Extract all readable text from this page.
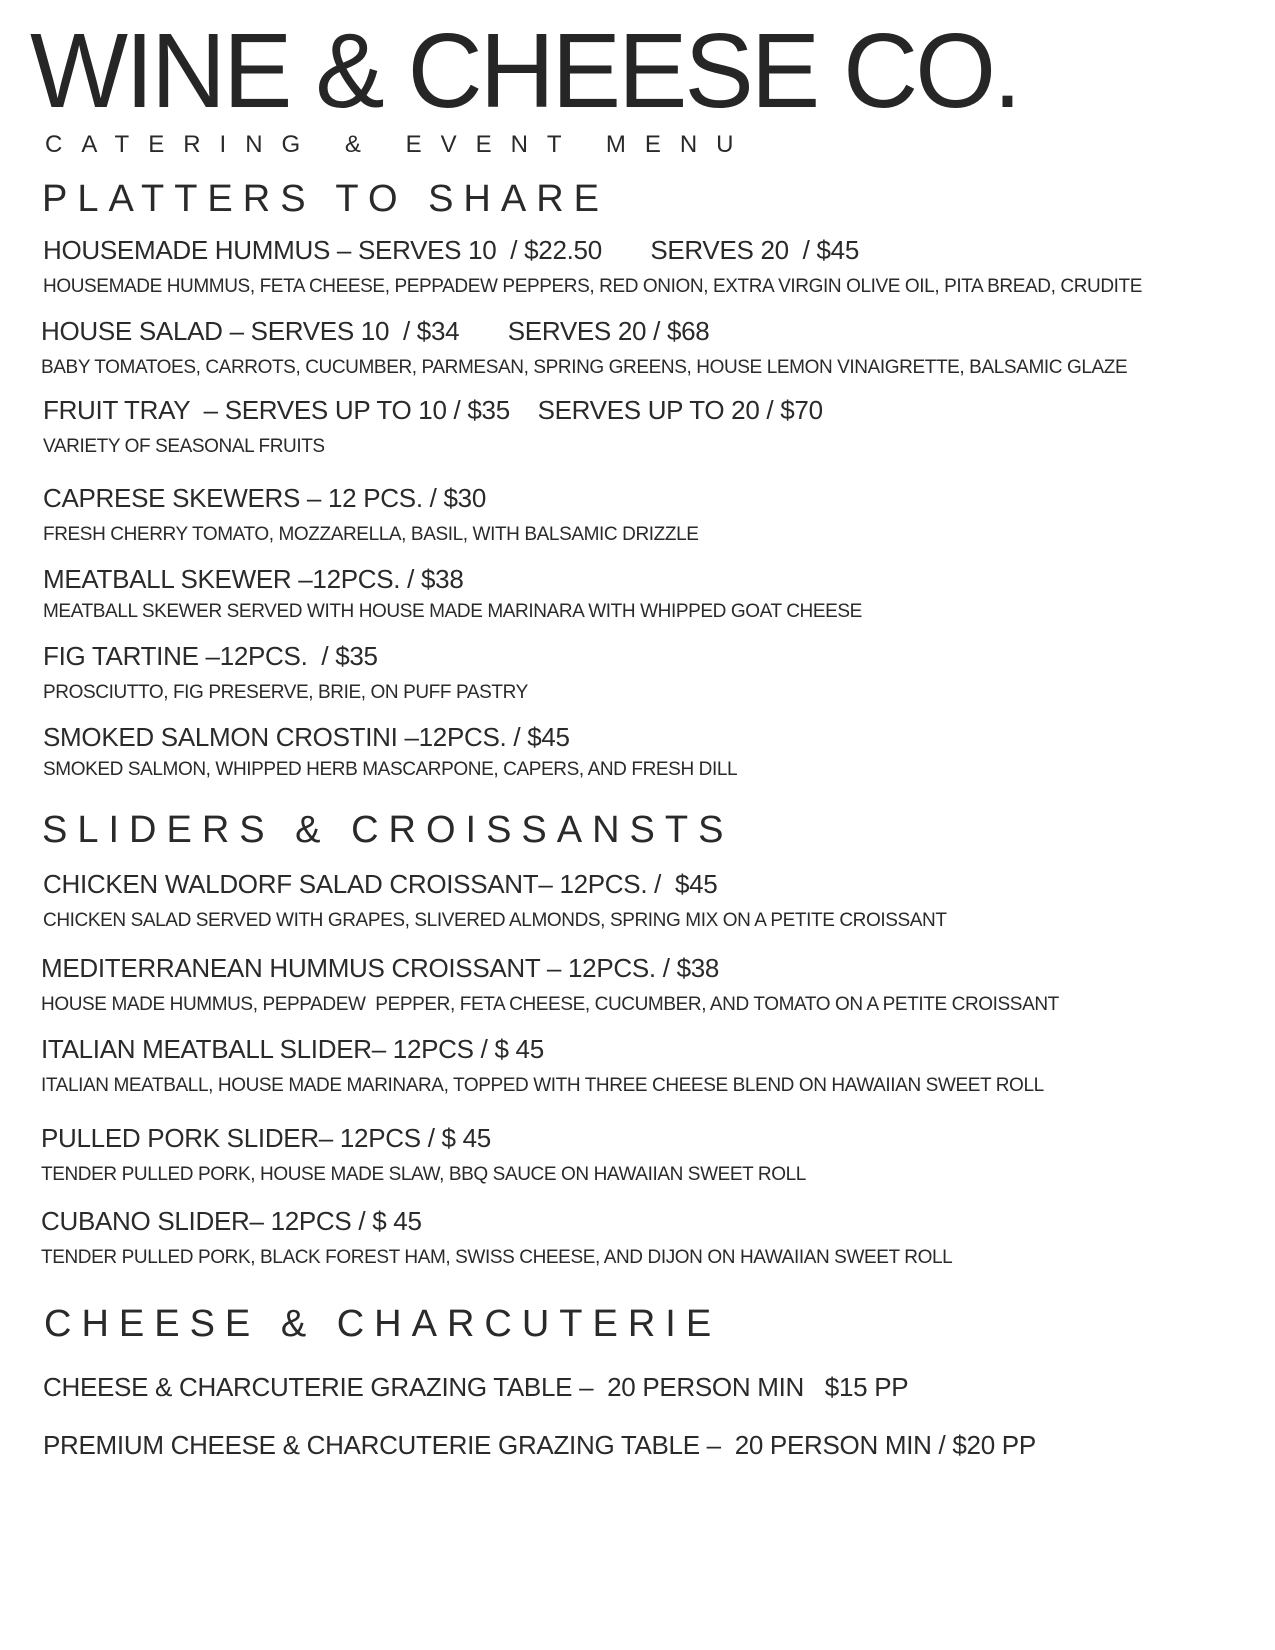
WINE & CHEESE CO.
CATERING & EVENT MENU
PLATTERS TO SHARE
HOUSEMADE HUMMUS – SERVES 10  / $22.50       SERVES 20  / $45
HOUSEMADE HUMMUS, FETA CHEESE, PEPPADEW PEPPERS, RED ONION, EXTRA VIRGIN OLIVE OIL, PITA BREAD, CRUDITE
HOUSE SALAD – SERVES 10  / $34       SERVES 20 / $68
BABY TOMATOES, CARROTS, CUCUMBER, PARMESAN, SPRING GREENS, HOUSE LEMON VINAIGRETTE, BALSAMIC GLAZE
FRUIT TRAY  – SERVES UP TO 10 / $35    SERVES UP TO 20 / $70
VARIETY OF SEASONAL FRUITS
CAPRESE SKEWERS – 12 PCS. / $30
FRESH CHERRY TOMATO, MOZZARELLA, BASIL, WITH BALSAMIC DRIZZLE
MEATBALL SKEWER –12PCS. / $38
MEATBALL SKEWER SERVED WITH HOUSE MADE MARINARA WITH WHIPPED GOAT CHEESE
FIG TARTINE –12PCS.  / $35
PROSCIUTTO, FIG PRESERVE, BRIE, ON PUFF PASTRY
SMOKED SALMON CROSTINI –12PCS. / $45
SMOKED SALMON, WHIPPED HERB MASCARPONE, CAPERS, AND FRESH DILL
SLIDERS & CROISSANSTS
CHICKEN WALDORF SALAD CROISSANT– 12PCS. /  $45
CHICKEN SALAD SERVED WITH GRAPES, SLIVERED ALMONDS, SPRING MIX ON A PETITE CROISSANT
MEDITERRANEAN HUMMUS CROISSANT – 12PCS. / $38
HOUSE MADE HUMMUS, PEPPADEW  PEPPER, FETA CHEESE, CUCUMBER, AND TOMATO ON A PETITE CROISSANT
ITALIAN MEATBALL SLIDER– 12PCS / $ 45
ITALIAN MEATBALL, HOUSE MADE MARINARA, TOPPED WITH THREE CHEESE BLEND ON HAWAIIAN SWEET ROLL
PULLED PORK SLIDER– 12PCS / $ 45
TENDER PULLED PORK, HOUSE MADE SLAW, BBQ SAUCE ON HAWAIIAN SWEET ROLL
CUBANO SLIDER– 12PCS / $ 45
TENDER PULLED PORK, BLACK FOREST HAM, SWISS CHEESE, AND DIJON ON HAWAIIAN SWEET ROLL
CHEESE & CHARCUTERIE
CHEESE & CHARCUTERIE GRAZING TABLE –  20 PERSON MIN   $15 PP
PREMIUM CHEESE & CHARCUTERIE GRAZING TABLE –  20 PERSON MIN / $20 PP
